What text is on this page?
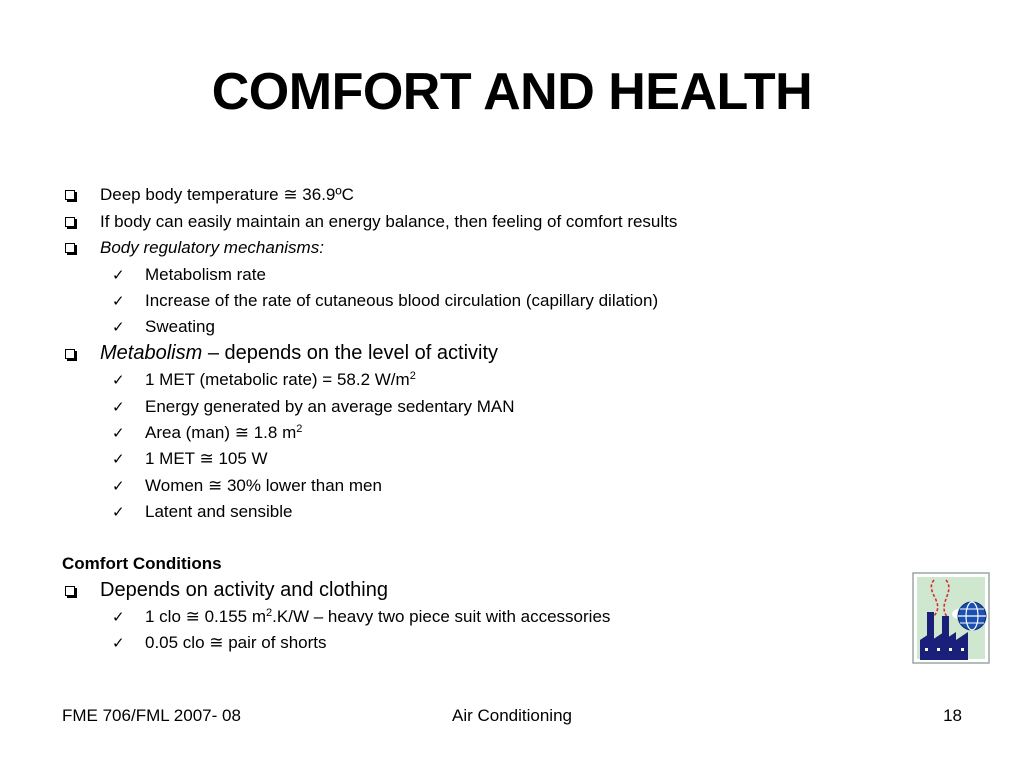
COMFORT AND HEALTH
Deep body temperature ≅ 36.9ºC
If body can easily maintain an energy balance, then feeling of comfort results
Body regulatory mechanisms:
✓ Metabolism rate
✓ Increase of the rate of cutaneous blood circulation (capillary dilation)
✓ Sweating
Metabolism – depends on the level of activity
✓ 1 MET (metabolic rate) = 58.2 $W/m^2$
✓ Energy generated by an average sedentary MAN
✓ Area (man) ≅ 1.8 $m^2$
✓ 1 MET ≅ 105 W
✓ Women ≅ 30% lower than men
✓ Latent and sensible
Comfort Conditions
Depends on activity and clothing
✓ 1 clo ≅ 0.155 $m^2.K/W$ – heavy two piece suit with accessories
✓ 0.05 clo ≅ pair of shorts
FME 706/FML 2007- 08	Air Conditioning	18
